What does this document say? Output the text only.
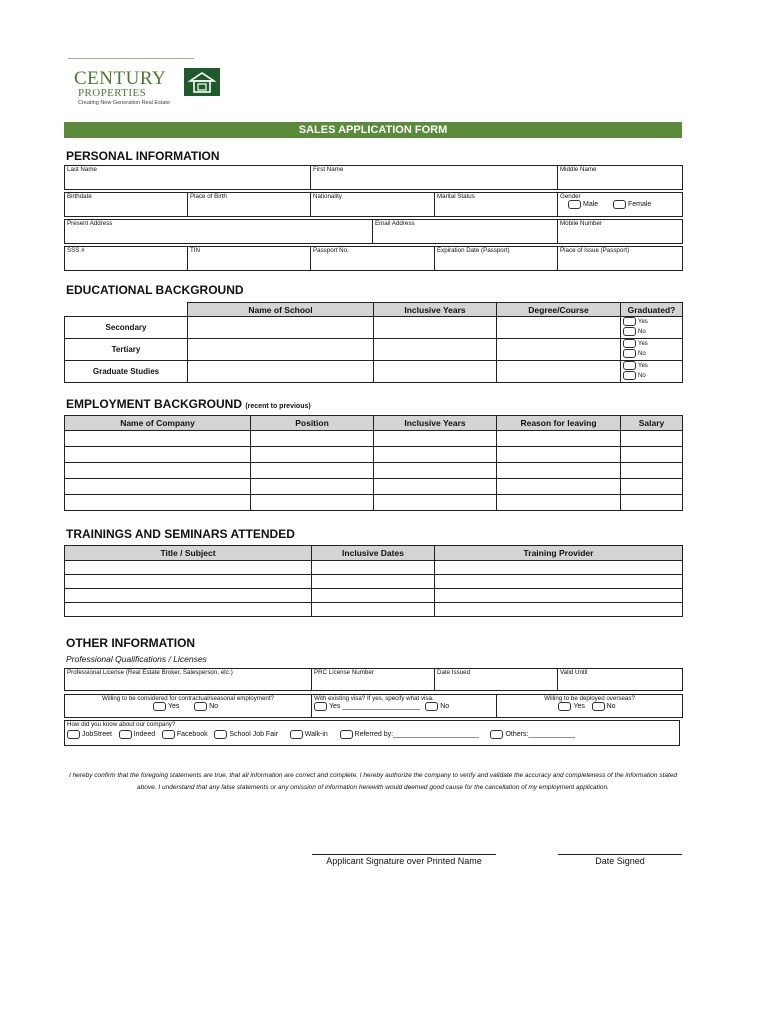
CENTURY
PROPERTIES
Creating New Generation Real Estate
SALES APPLICATION FORM
PERSONAL INFORMATION
Last Name		First Name			Middle Name

Birthdate	Place of Birth	Nationality		Marital Status	Gender
Male Female

Present Address			Email Address		Mobile Number

SSS #	TIN	Passport No.		Expiration Date (Passport)	Place of Issue (Passport)
EDUCATIONAL BACKGROUND
	Name of School	Inclusive Years	Degree/Course	Graduated?
Secondary				Yes
No

Tertiary				Yes
No

Graduate Studies				Yes
No
EMPLOYMENT BACKGROUND (recent to previous)
Name of Company	Position	Inclusive Years	Reason for leaving	Salary

TRAININGS AND SEMINARS ATTENDED
Title / Subject	Inclusive Dates	Training Provider

OTHER INFORMATION
Professional Qualifications / Licenses
Professional License (Real Estate Broker, Salesperson, etc.)	PRC License Number	Date Issued	Valid Until
Willing to be considered for contractual/seasonal employment?
Yes	No

With existing visa? If yes, specify what visa.
Yes ____________________	No

Willing to be deployed overseas?
Yes	No
How did you know about our company?
JobStreet	Indeed	Facebook	School Job Fair	Walk-in	Referred by:______________________	Others:____________
I hereby confirm that the foregoing statements are true, that all information are correct and complete. I hereby authorize the company to verify and validate the accuracy and completeness of the information stated above. I understand that any false statements or any omission of information herewith would deemed good cause for the cancellation of my employment application.
Applicant Signature over Printed Name	Date Signed
